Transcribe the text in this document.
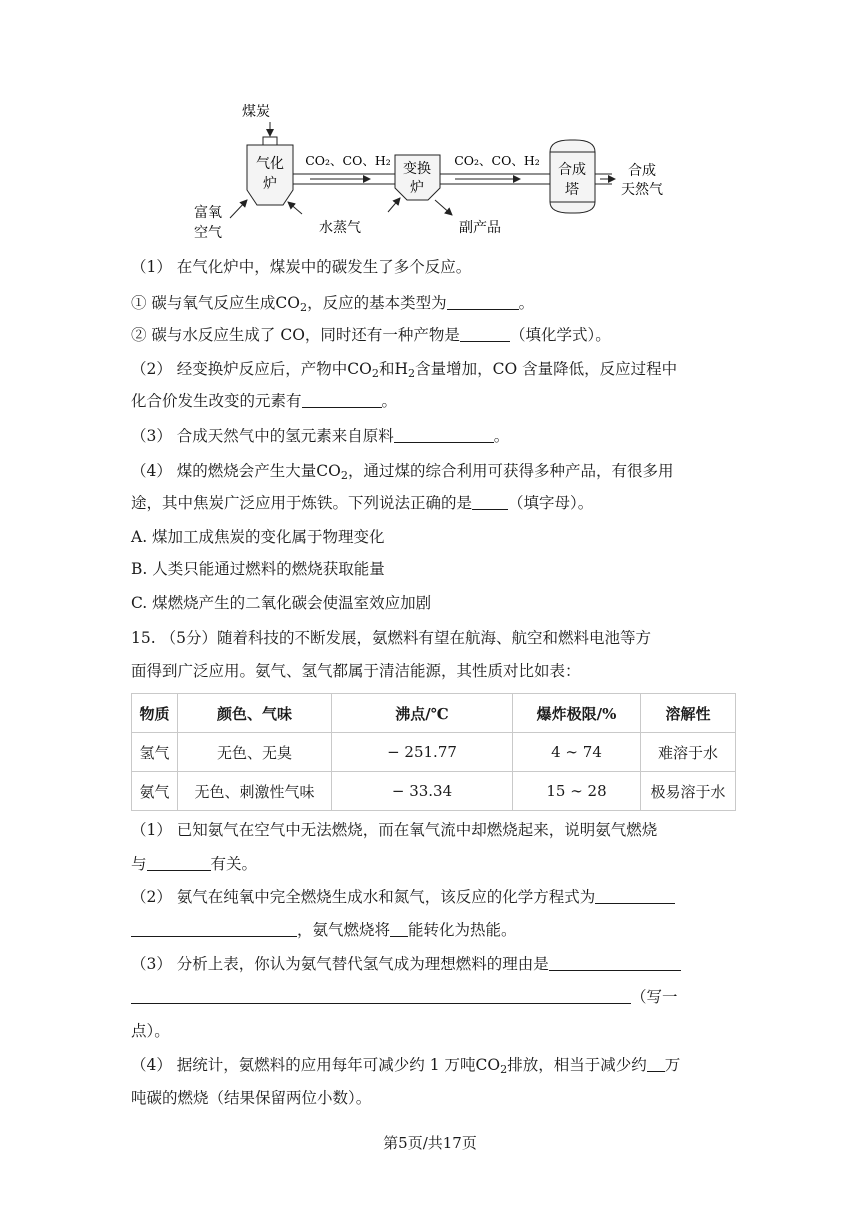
煤炭
气化
炉
富氧
空气	水蒸气
CO₂、CO、H₂
变换
炉
副产品
CO₂、CO、H₂
合成
塔
合成
天然气
（1） 在气化炉中，煤炭中的碳发生了多个反应。
① 碳与氧气反应生成$CO_2$，反应的基本类型为	。
② 碳与水反应生成了 CO，同时还有一种产物是	（填化学式）。
（2） 经变换炉反应后，产物中$CO_2$和$H_2$含量增加，CO 含量降低，反应过程中
化合价发生改变的元素有	。
（3） 合成天然气中的氢元素来自原料	。
（4） 煤的燃烧会产生大量$CO_2$，通过煤的综合利用可获得多种产品，有很多用
途，其中焦炭广泛应用于炼铁。下列说法正确的是 （填字母）。
A. 煤加工成焦炭的变化属于物理变化
B. 人类只能通过燃料的燃烧获取能量
C. 煤燃烧产生的二氧化碳会使温室效应加剧
15. （5分）随着科技的不断发展，氨燃料有望在航海、航空和燃料电池等方
面得到广泛应用。氨气、氢气都属于清洁能源，其性质对比如表：
物质	颜色、气味	沸点/℃	爆炸极限/%	溶解性
氢气	无色、无臭	− 251.77	4 ∼ 74	难溶于水
氨气	无色、刺激性气味	− 33.34	15 ∼ 28	极易溶于水
（1） 已知氨气在空气中无法燃烧，而在氧气流中却燃烧起来，说明氨气燃烧
与	有关。
（2） 氨气在纯氧中完全燃烧生成水和氮气，该反应的化学方程式为
，氨气燃烧将 能转化为热能。
（3） 分析上表，你认为氨气替代氢气成为理想燃料的理由是
（写一
点）。
（4） 据统计，氨燃料的应用每年可减少约 1 万吨$CO_2$排放，相当于减少约 万
吨碳的燃烧（结果保留两位小数）。
第5页/共17页
